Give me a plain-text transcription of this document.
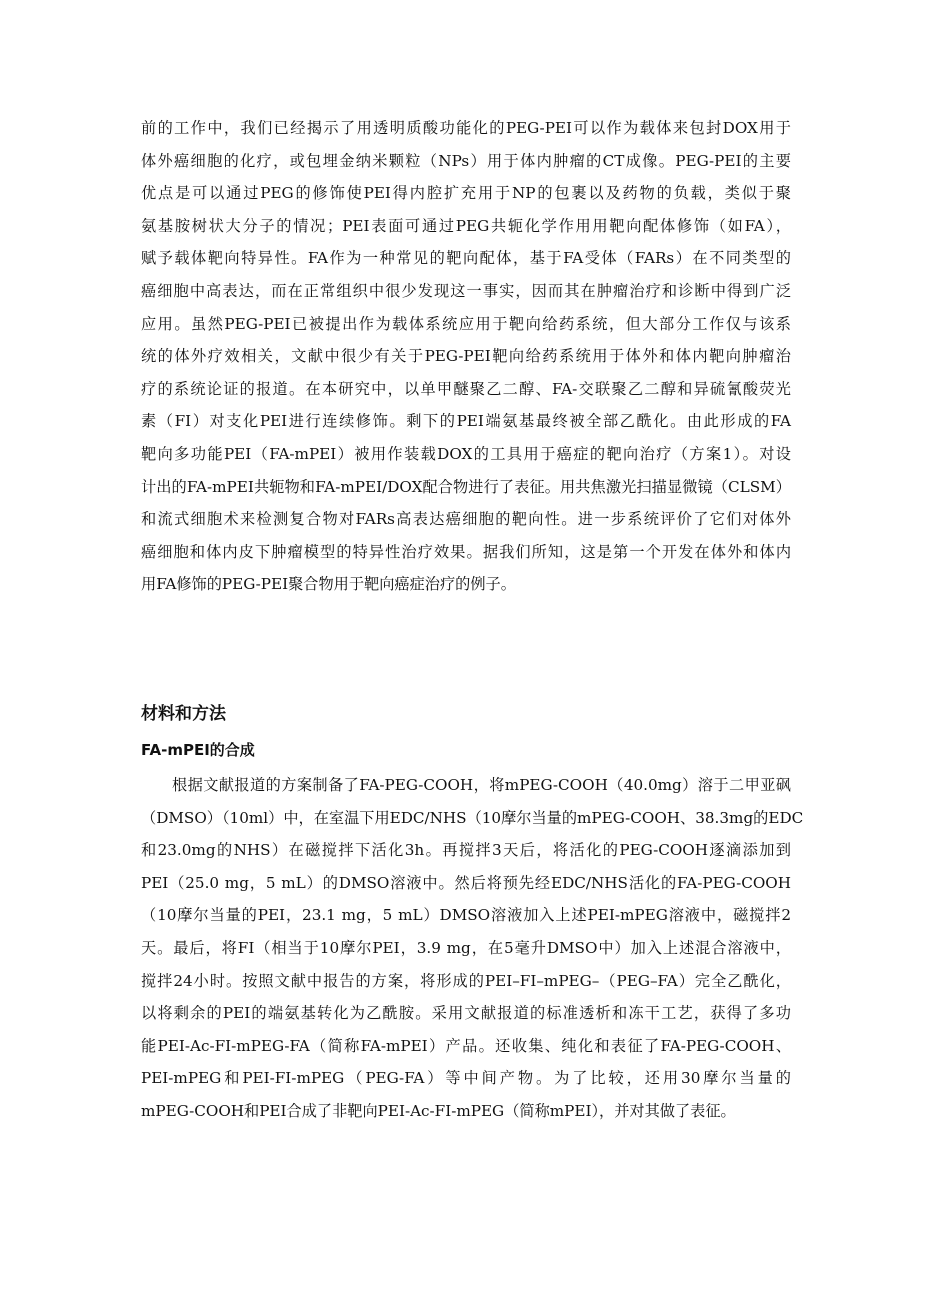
前的工作中，我们已经揭示了用透明质酸功能化的PEG-PEI可以作为载体来包封DOX用于
体外癌细胞的化疗，或包埋金纳米颗粒（NPs）用于体内肿瘤的CT成像。PEG-PEI的主要
优点是可以通过PEG的修饰使PEI得内腔扩充用于NP的包裹以及药物的负载，类似于聚
氨基胺树状大分子的情况；PEI表面可通过PEG共轭化学作用用靶向配体修饰（如FA），
赋予载体靶向特异性。FA作为一种常见的靶向配体，基于FA受体（FARs）在不同类型的
癌细胞中高表达，而在正常组织中很少发现这一事实，因而其在肿瘤治疗和诊断中得到广泛
应用。虽然PEG-PEI已被提出作为载体系统应用于靶向给药系统，但大部分工作仅与该系
统的体外疗效相关，文献中很少有关于PEG-PEI靶向给药系统用于体外和体内靶向肿瘤治
疗的系统论证的报道。在本研究中，以单甲醚聚乙二醇、FA-交联聚乙二醇和异硫氰酸荧光
素（FI）对支化PEI进行连续修饰。剩下的PEI端氨基最终被全部乙酰化。由此形成的FA
靶向多功能PEI（FA-mPEI）被用作装载DOX的工具用于癌症的靶向治疗（方案1）。对设
计出的FA-mPEI共轭物和FA-mPEI/DOX配合物进行了表征。用共焦激光扫描显微镜（CLSM）
和流式细胞术来检测复合物对FARs高表达癌细胞的靶向性。进一步系统评价了它们对体外
癌细胞和体内皮下肿瘤模型的特异性治疗效果。据我们所知，这是第一个开发在体外和体内
用FA修饰的PEG-PEI聚合物用于靶向癌症治疗的例子。
材料和方法
FA-mPEI的合成
根据文献报道的方案制备了FA-PEG-COOH，将mPEG-COOH（40.0mg）溶于二甲亚砜
（DMSO）（10ml）中，在室温下用EDC/NHS（10摩尔当量的mPEG-COOH、38.3mg的EDC
和23.0mg的NHS）在磁搅拌下活化3h。再搅拌3天后，将活化的PEG-COOH逐滴添加到
PEI（25.0 mg，5 mL）的DMSO溶液中。然后将预先经EDC/NHS活化的FA-PEG-COOH
（10摩尔当量的PEI，23.1 mg，5 mL）DMSO溶液加入上述PEI-mPEG溶液中，磁搅拌2
天。最后，将FI（相当于10摩尔PEI，3.9 mg，在5毫升DMSO中）加入上述混合溶液中，
搅拌24小时。按照文献中报告的方案，将形成的PEI–FI–mPEG–（PEG–FA）完全乙酰化，
以将剩余的PEI的端氨基转化为乙酰胺。采用文献报道的标准透析和冻干工艺，获得了多功
能PEI-Ac-FI-mPEG-FA（简称FA-mPEI）产品。还收集、纯化和表征了FA-PEG-COOH、
PEI-mPEG和PEI-FI-mPEG（PEG-FA）等中间产物。为了比较，还用30摩尔当量的
mPEG-COOH和PEI合成了非靶向PEI-Ac-FI-mPEG（简称mPEI），并对其做了表征。
